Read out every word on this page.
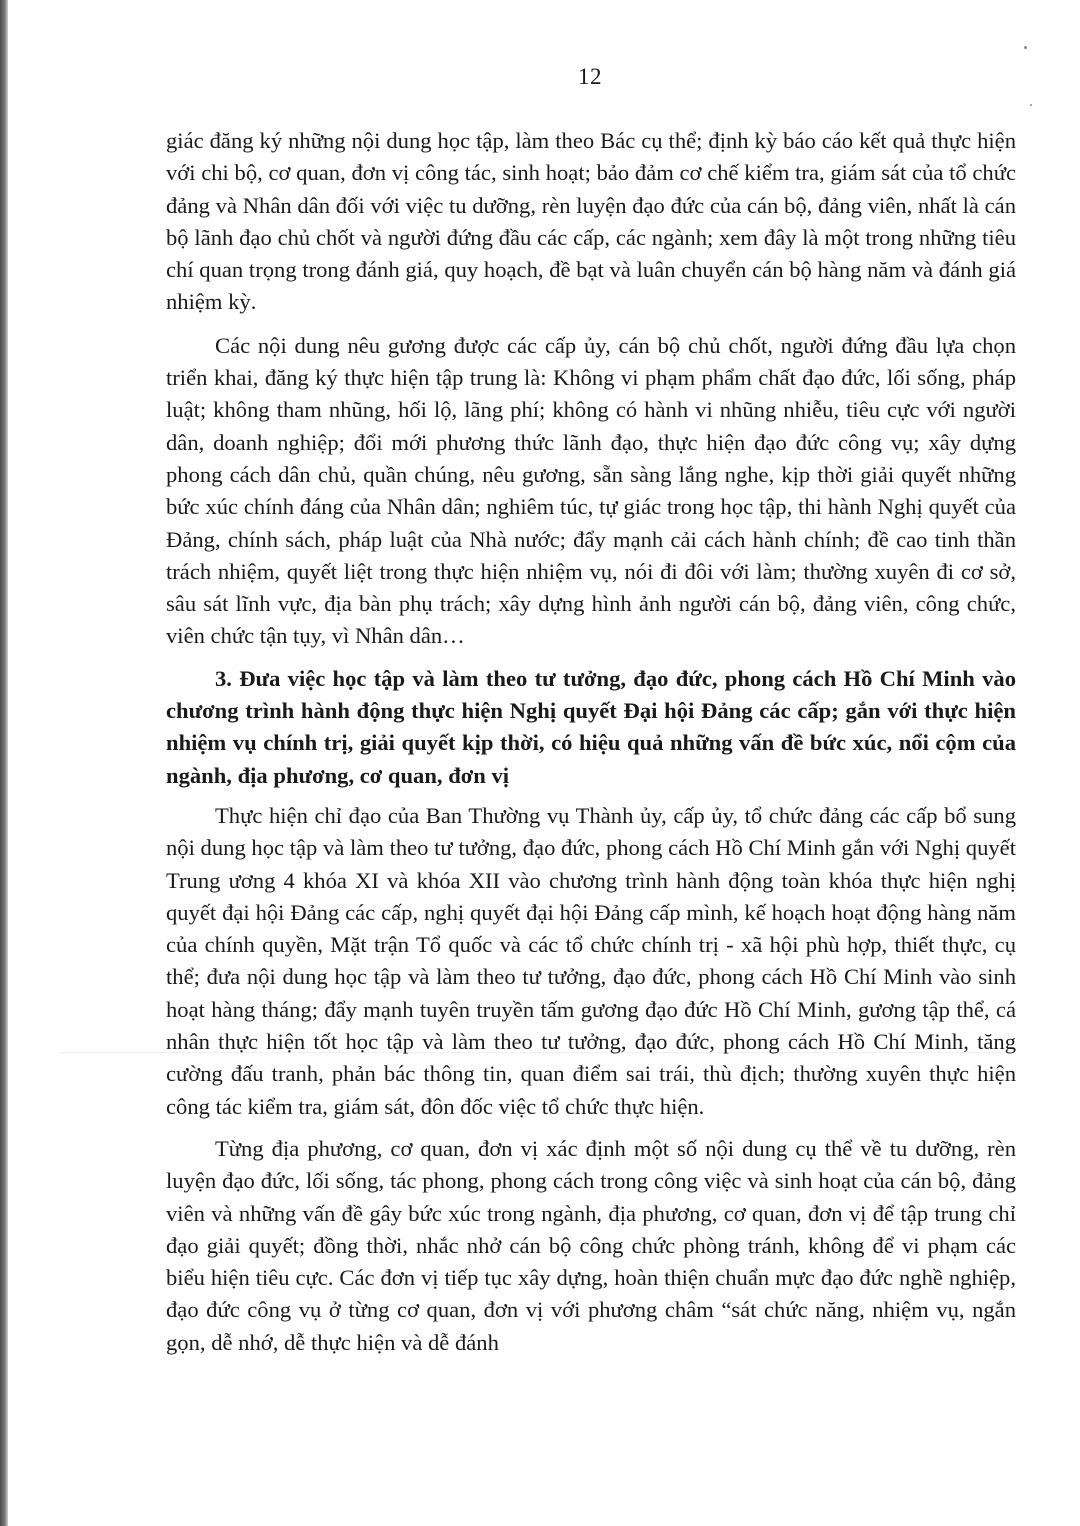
12

giác đăng ký những nội dung học tập, làm theo Bác cụ thể; định kỳ báo cáo kết quả thực hiện với chi bộ, cơ quan, đơn vị công tác, sinh hoạt; bảo đảm cơ chế kiểm tra, giám sát của tổ chức đảng và Nhân dân đối với việc tu dưỡng, rèn luyện đạo đức của cán bộ, đảng viên, nhất là cán bộ lãnh đạo chủ chốt và người đứng đầu các cấp, các ngành; xem đây là một trong những tiêu chí quan trọng trong đánh giá, quy hoạch, đề bạt và luân chuyển cán bộ hàng năm và đánh giá nhiệm kỳ.

Các nội dung nêu gương được các cấp ủy, cán bộ chủ chốt, người đứng đầu lựa chọn triển khai, đăng ký thực hiện tập trung là: Không vi phạm phẩm chất đạo đức, lối sống, pháp luật; không tham nhũng, hối lộ, lãng phí; không có hành vi nhũng nhiễu, tiêu cực với người dân, doanh nghiệp; đổi mới phương thức lãnh đạo, thực hiện đạo đức công vụ; xây dựng phong cách dân chủ, quần chúng, nêu gương, sẵn sàng lắng nghe, kịp thời giải quyết những bức xúc chính đáng của Nhân dân; nghiêm túc, tự giác trong học tập, thi hành Nghị quyết của Đảng, chính sách, pháp luật của Nhà nước; đẩy mạnh cải cách hành chính; đề cao tinh thần trách nhiệm, quyết liệt trong thực hiện nhiệm vụ, nói đi đôi với làm; thường xuyên đi cơ sở, sâu sát lĩnh vực, địa bàn phụ trách; xây dựng hình ảnh người cán bộ, đảng viên, công chức, viên chức tận tụy, vì Nhân dân…

3. Đưa việc học tập và làm theo tư tưởng, đạo đức, phong cách Hồ Chí Minh vào chương trình hành động thực hiện Nghị quyết Đại hội Đảng các cấp; gắn với thực hiện nhiệm vụ chính trị, giải quyết kịp thời, có hiệu quả những vấn đề bức xúc, nổi cộm của ngành, địa phương, cơ quan, đơn vị

Thực hiện chỉ đạo của Ban Thường vụ Thành ủy, cấp ủy, tổ chức đảng các cấp bổ sung nội dung học tập và làm theo tư tưởng, đạo đức, phong cách Hồ Chí Minh gắn với Nghị quyết Trung ương 4 khóa XI và khóa XII vào chương trình hành động toàn khóa thực hiện nghị quyết đại hội Đảng các cấp, nghị quyết đại hội Đảng cấp mình, kế hoạch hoạt động hàng năm của chính quyền, Mặt trận Tổ quốc và các tổ chức chính trị - xã hội phù hợp, thiết thực, cụ thể; đưa nội dung học tập và làm theo tư tưởng, đạo đức, phong cách Hồ Chí Minh vào sinh hoạt hàng tháng; đẩy mạnh tuyên truyền tấm gương đạo đức Hồ Chí Minh, gương tập thể, cá nhân thực hiện tốt học tập và làm theo tư tưởng, đạo đức, phong cách Hồ Chí Minh, tăng cường đấu tranh, phản bác thông tin, quan điểm sai trái, thù địch; thường xuyên thực hiện công tác kiểm tra, giám sát, đôn đốc việc tổ chức thực hiện.

Từng địa phương, cơ quan, đơn vị xác định một số nội dung cụ thể về tu dưỡng, rèn luyện đạo đức, lối sống, tác phong, phong cách trong công việc và sinh hoạt của cán bộ, đảng viên và những vấn đề gây bức xúc trong ngành, địa phương, cơ quan, đơn vị để tập trung chỉ đạo giải quyết; đồng thời, nhắc nhở cán bộ công chức phòng tránh, không để vi phạm các biểu hiện tiêu cực. Các đơn vị tiếp tục xây dựng, hoàn thiện chuẩn mực đạo đức nghề nghiệp, đạo đức công vụ ở từng cơ quan, đơn vị với phương châm “sát chức năng, nhiệm vụ, ngắn gọn, dễ nhớ, dễ thực hiện và dễ đánh
